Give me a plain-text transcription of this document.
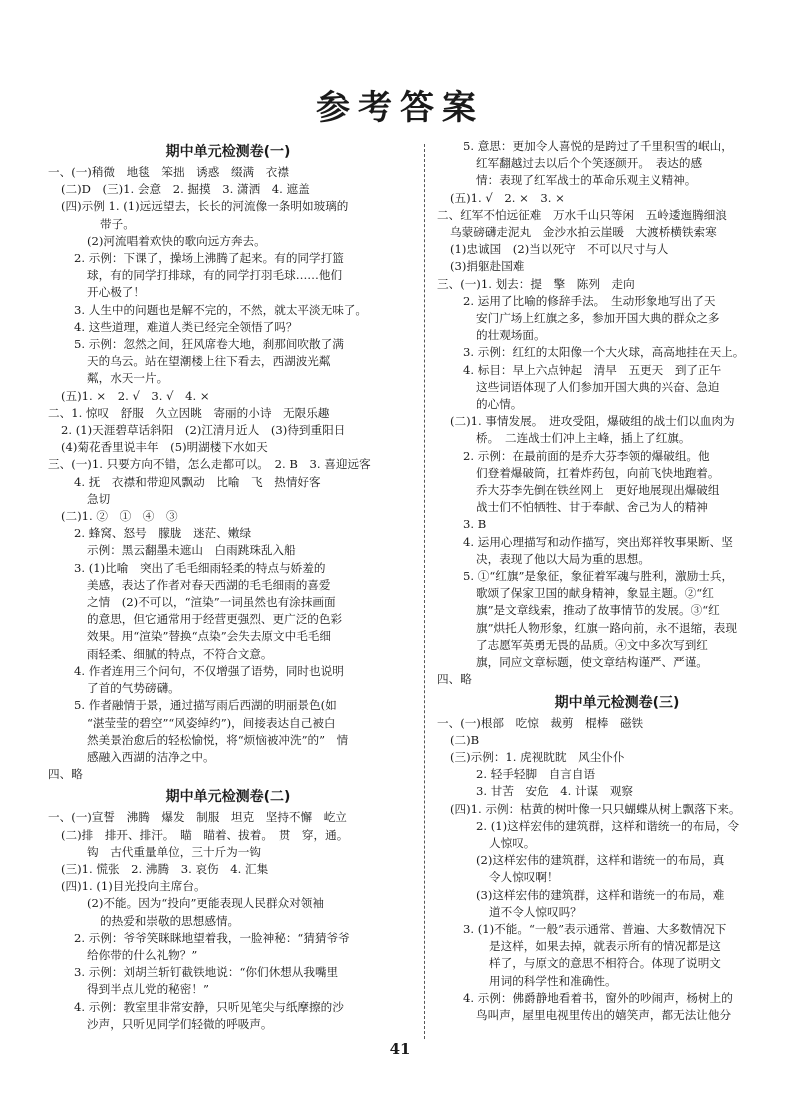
参考答案
期中单元检测卷(一)
一、(一)稍微　地毯　笨拙　诱惑　缀满　衣襟
(二)D　(三)1. 会意　2. 掘摸　3. 潇洒　4. 遮盖
(四)示例 1. (1)远远望去，长长的河流像一条明如玻璃的
带子。
(2)河流唱着欢快的歌向远方奔去。
2. 示例：下课了，操场上沸腾了起来。有的同学打篮
球，有的同学打排球，有的同学打羽毛球……他们
开心极了！
3. 人生中的问题也是解不完的，不然，就太平淡无味了。
4. 这些道理，难道人类已经完全领悟了吗？
5. 示例：忽然之间，狂风席卷大地，刹那间吹散了满
天的乌云。站在望潮楼上往下看去，西湖波光粼
粼，水天一片。
(五)1. ×　2. √　3. √　4. ×
二、1. 惊叹　舒服　久立因眺　寄丽的小诗　无限乐趣
2. (1)天涯碧草话斜阳　(2)江清月近人　(3)待到重阳日
(4)菊花香里说丰年　(5)明湖楼下水如天
三、(一)1. 只要方向不错，怎么走都可以。　2. B　3. 喜迎远客
4. 抚　衣襟和带迎风飘动　比喻　飞　热情好客
急切
(二)1. ②　①　④　③
2. 蜂窝、怒号　朦胧　迷茫、嫩绿
示例：黑云翻墨未遮山　白雨跳珠乱入船
3. (1)比喻　突出了毛毛细雨轻柔的特点与娇羞的
美感，表达了作者对春天西湖的毛毛细雨的喜爱
之情　(2)不可以，“渲染”一词虽然也有涂抹画面
的意思，但它通常用于经营更强烈、更广泛的色彩
效果。用“渲染”替换“点染”会失去原文中毛毛细
雨轻柔、细腻的特点，不符合文意。
4. 作者连用三个问句，不仅增强了语势，同时也说明
了首的气势磅礴。
5. 作者融情于景，通过描写雨后西湖的明丽景色(如
“湛莹莹的碧空”“风姿绰约”)，间接表达自己被白
然美景治愈后的轻松愉悦，将“烦恼被冲洗”的”　情
感融入西湖的洁净之中。
四、略
期中单元检测卷(二)
一、(一)宣誓　沸腾　爆发　制服　坦克　坚持不懈　屹立
(二)排　排开、排汗。　瞄　瞄着、拔着。　贯　穿，通。
钩　古代重量单位，三十斤为一钩
(三)1. 慌张　2. 沸腾　3. 哀伤　4. 汇集
(四)1. (1)目光投向主席台。
(2)不能。因为“投向”更能表现人民群众对领袖
的热爱和崇敬的思想感情。
2. 示例：爷爷笑眯眯地望着我，一脸神秘：“猜猜爷爷
给你带的什么礼物？”
3. 示例：刘胡兰斩钉截铁地说：“你们休想从我嘴里
得到半点儿党的秘密！”
4. 示例：教室里非常安静，只听见笔尖与纸摩擦的沙
沙声，只听见同学们轻微的呼吸声。
5. 意思：更加令人喜悦的是跨过了千里积雪的岷山，
红军翻越过去以后个个笑逐颜开。　表达的感
情：表现了红军战士的革命乐观主义精神。
(五)1. √　2. ×　3. ×
二、红军不怕远征难　万水千山只等闲　五岭逶迤腾细浪
乌蒙磅礴走泥丸　金沙水拍云崖暖　大渡桥横铁索寒
(1)忠诚国　(2)当以死守　不可以尺寸与人
(3)捐躯赴国难
三、(一)1. 划去：提　擎　陈列　走向
2. 运用了比喻的修辞手法。　生动形象地写出了天
安门广场上红旗之多，参加开国大典的群众之多
的壮观场面。
3. 示例：红红的太阳像一个大火球，高高地挂在天上。
4. 标目：早上六点钟起　清早　五更天　到了正午
这些词语体现了人们参加开国大典的兴奋、急迫
的心情。
(二)1. 事情发展。　进攻受阻，爆破组的战士们以血肉为
桥。　二连战士们冲上主峰，插上了红旗。
2. 示例：在最前面的是乔大芬李领的爆破组。他
们登着爆破筒，扛着炸药包，向前飞快地跑着。
乔大芬李先倒在铁丝网上　更好地展现出爆破组
战士们不怕牺牲、甘于奉献、舍己为人的精神
3. B
4. 运用心理描写和动作描写，突出郑祥牧事果断、坚
决，表现了他以大局为重的思想。
5. ①“红旗”是象征，象征着军魂与胜利，激励士兵，
歌颂了保家卫国的献身精神，象显主题。②“红
旗”是文章线索，推动了故事情节的发展。③“红
旗”烘托人物形象，红旗一路向前，永不退缩，表现
了志愿军英勇无畏的品质。④文中多次写到红
旗，同应文章标题，使文章结构谨严、严谨。
四、略
期中单元检测卷(三)
一、(一)根部　吃惊　裁剪　棍棒　磁铁
(二)B
(三)示例：1. 虎视眈眈　风尘仆仆
2. 轻手轻脚　自言自语
3. 甘苦　安危　4. 计谋　观察
(四)1. 示例：枯黄的树叶像一只只蝴蝶从树上飘落下来。
2. (1)这样宏伟的建筑群，这样和谐统一的布局，令
人惊叹。
(2)这样宏伟的建筑群，这样和谐统一的布局，真
令人惊叹啊！
(3)这样宏伟的建筑群，这样和谐统一的布局，难
道不令人惊叹吗？
3. (1)不能。“一般”表示通常、普遍、大多数情况下
是这样，如果去掉，就表示所有的情况都是这
样了，与原文的意思不相符合。体现了说明文
用词的科学性和准确性。
4. 示例：佛爵静地看着书，窗外的吵闹声，杨树上的
鸟叫声，屋里电视里传出的嬉笑声，都无法让他分
41
